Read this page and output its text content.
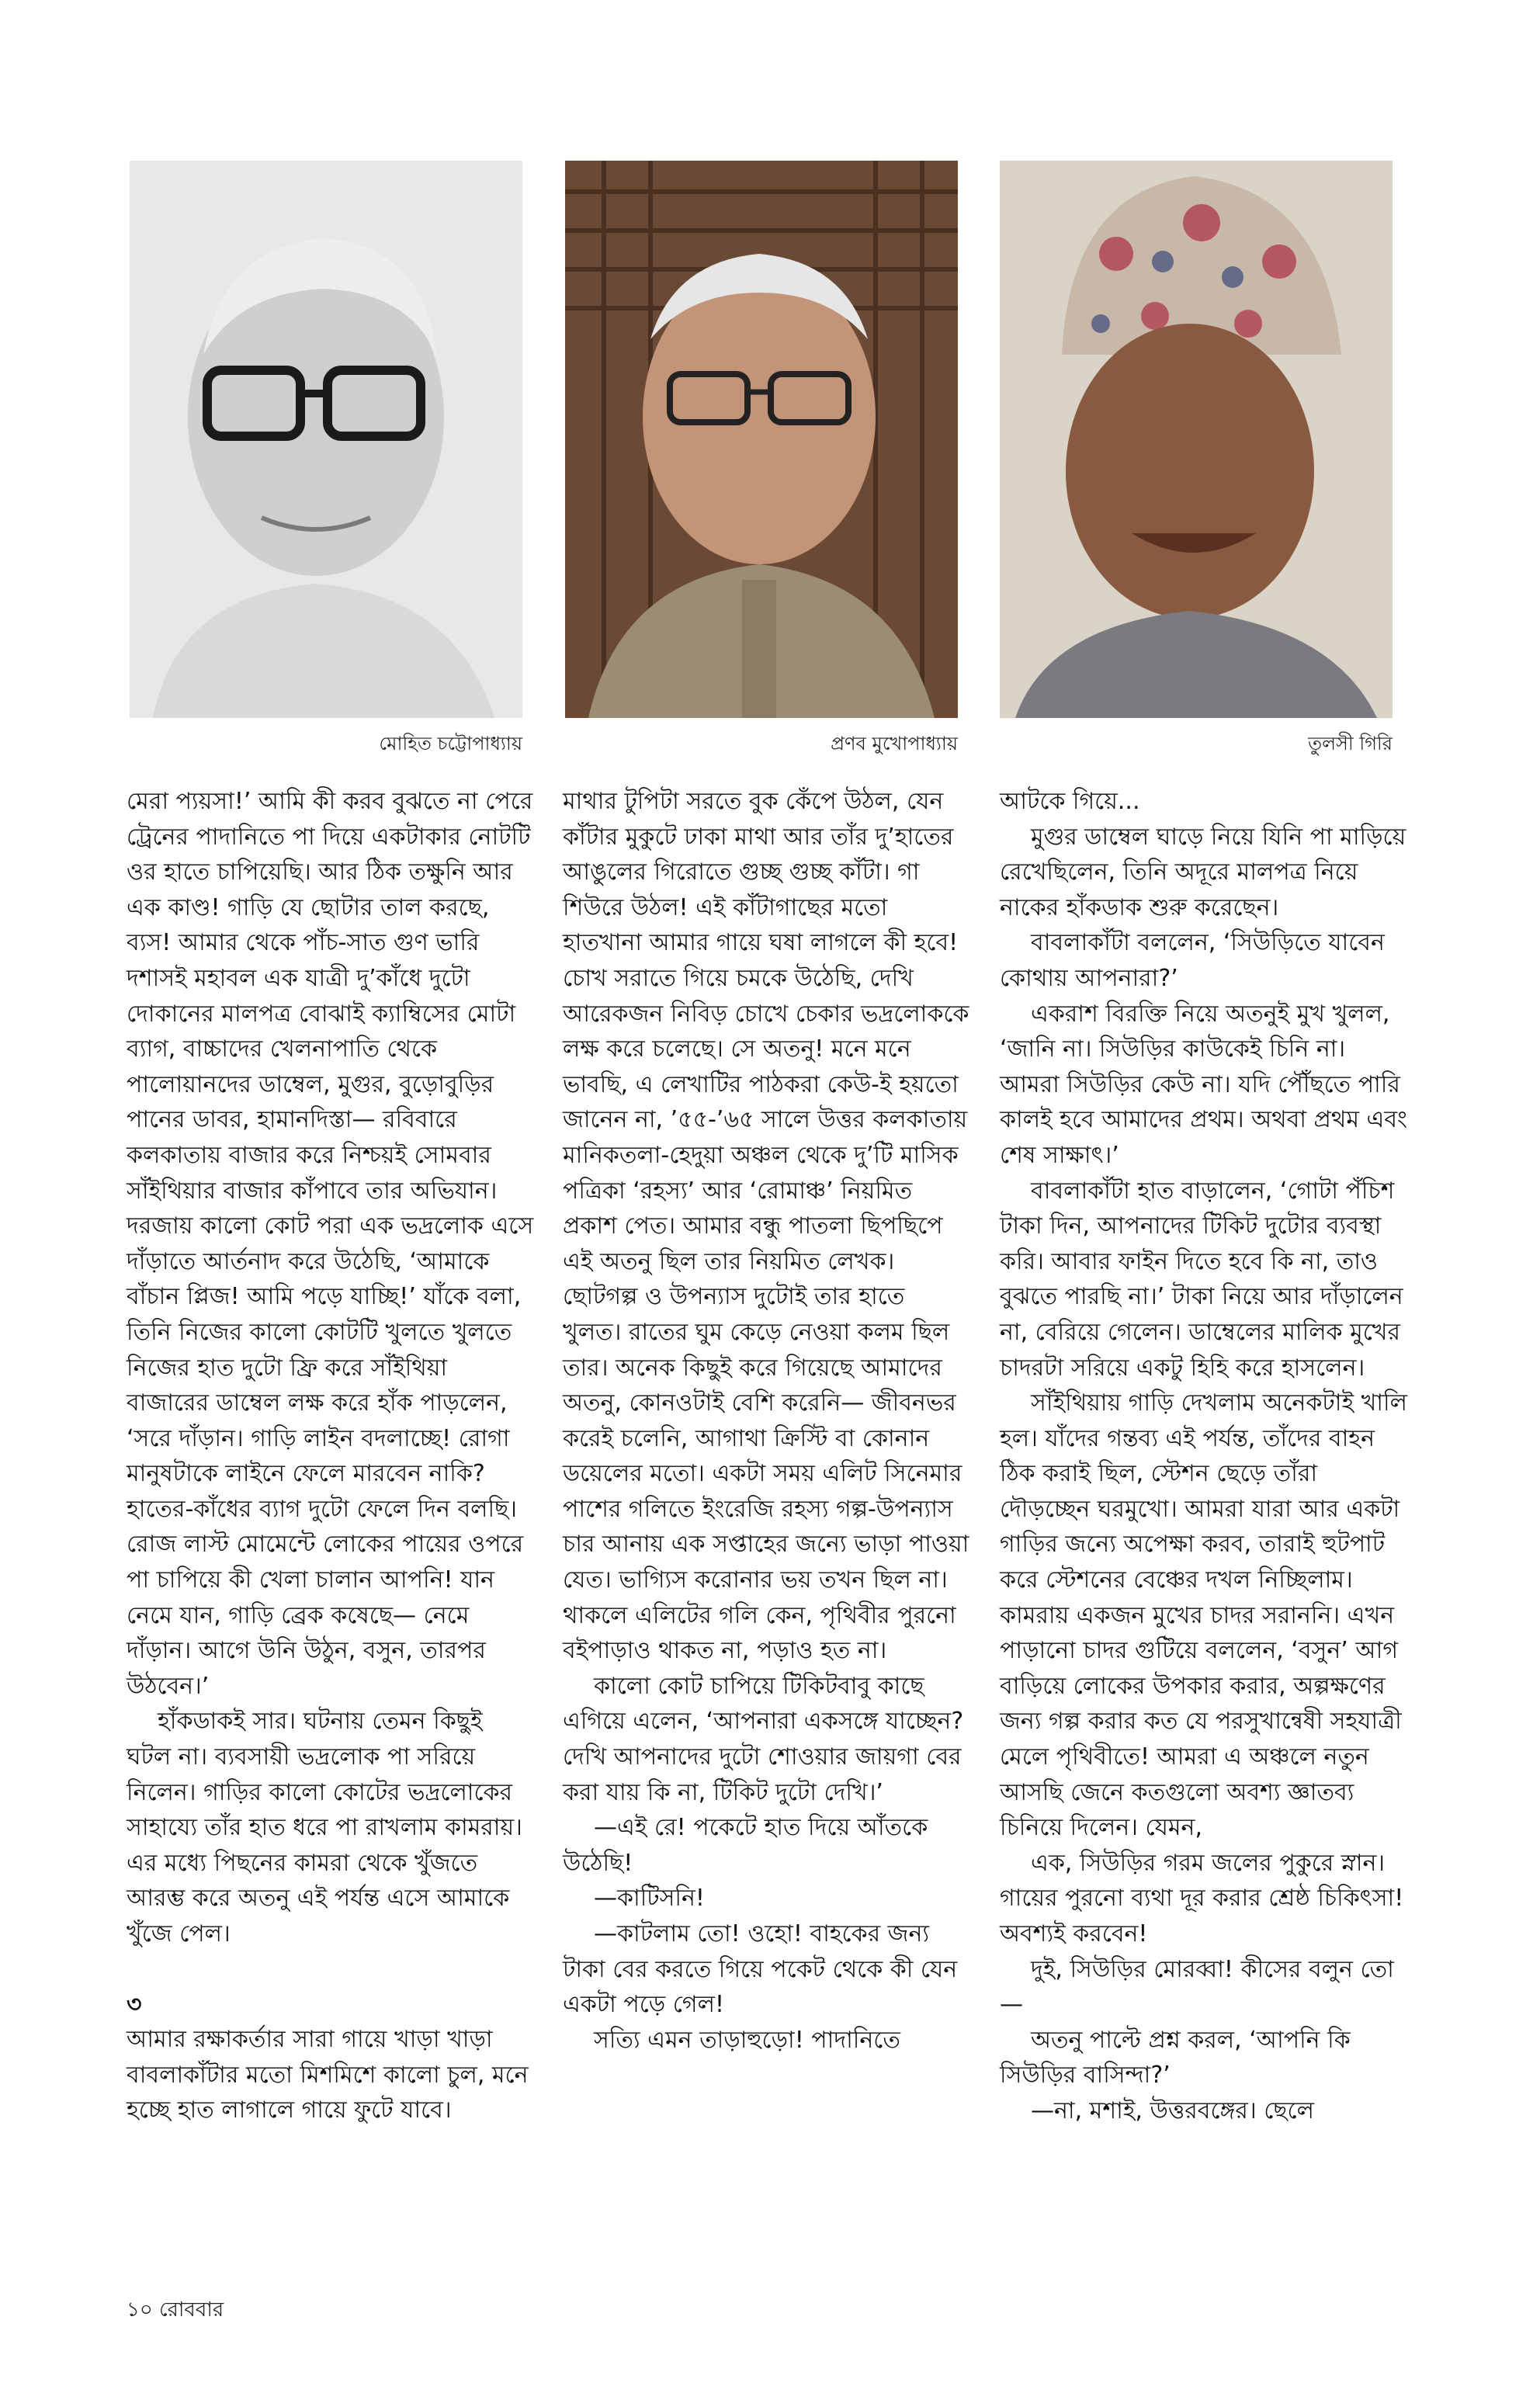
মোহিত চট্টোপাধ্যায়	প্রণব মুখোপাধ্যায়	তুলসী গিরি

মেরা প্যয়সা!’ আমি কী করব বুঝতে না পেরে ট্রেনের পাদানিতে পা দিয়ে একটাকার নোটটি ওর হাতে চাপিয়েছি। আর ঠিক তক্ষুনি আর এক কাণ্ড! গাড়ি যে ছোটার তাল করছে, ব্যস! আমার থেকে পাঁচ-সাত গুণ ভারি দশাসই মহাবল এক যাত্রী দু’কাঁধে দুটো দোকানের মালপত্র বোঝাই ক্যাম্বিসের মোটা ব্যাগ, বাচ্চাদের খেলনাপাতি থেকে পালোয়ানদের ডাম্বেল, মুগুর, বুড়োবুড়ির পানের ডাবর, হামানদিস্তা— রবিবারে কলকাতায় বাজার করে নিশ্চয়ই সোমবার সাঁইথিয়ার বাজার কাঁপাবে তার অভিযান। দরজায় কালো কোট পরা এক ভদ্রলোক এসে দাঁড়াতে আর্তনাদ করে উঠেছি, ‘আমাকে বাঁচান প্লিজ! আমি পড়ে যাচ্ছি!’ যাঁকে বলা, তিনি নিজের কালো কোটটি খুলতে খুলতে নিজের হাত দুটো ফ্রি করে সাঁইথিয়া বাজারের ডাম্বেল লক্ষ করে হাঁক পাড়লেন, ‘সরে দাঁড়ান। গাড়ি লাইন বদলাচ্ছে! রোগা মানুষটাকে লাইনে ফেলে মারবেন নাকি? হাতের-কাঁধের ব্যাগ দুটো ফেলে দিন বলছি। রোজ লাস্ট মোমেন্টে লোকের পায়ের ওপরে পা চাপিয়ে কী খেলা চালান আপনি! যান নেমে যান, গাড়ি ব্রেক কষেছে— নেমে দাঁড়ান। আগে উনি উঠুন, বসুন, তারপর উঠবেন।’

হাঁকডাকই সার। ঘটনায় তেমন কিছুই ঘটল না। ব্যবসায়ী ভদ্রলোক পা সরিয়ে নিলেন। গাড়ির কালো কোটের ভদ্রলোকের সাহায্যে তাঁর হাত ধরে পা রাখলাম কামরায়। এর মধ্যে পিছনের কামরা থেকে খুঁজতে আরম্ভ করে অতনু এই পর্যন্ত এসে আমাকে খুঁজে পেল।

৩

আমার রক্ষাকর্তার সারা গায়ে খাড়া খাড়া বাবলাকাঁটার মতো মিশমিশে কালো চুল, মনে হচ্ছে হাত লাগালে গায়ে ফুটে যাবে।

মাথার টুপিটা সরতে বুক কেঁপে উঠল, যেন কাঁটার মুকুটে ঢাকা মাথা আর তাঁর দু’হাতের আঙুলের গিরোতে গুচ্ছ গুচ্ছ কাঁটা। গা শিউরে উঠল! এই কাঁটাগাছের মতো হাতখানা আমার গায়ে ঘষা লাগলে কী হবে! চোখ সরাতে গিয়ে চমকে উঠেছি, দেখি আরেকজন নিবিড় চোখে চেকার ভদ্রলোককে লক্ষ করে চলেছে। সে অতনু! মনে মনে ভাবছি, এ লেখাটির পাঠকরা কেউ-ই হয়তো জানেন না, ’৫৫-’৬৫ সালে উত্তর কলকাতায় মানিকতলা-হেদুয়া অঞ্চল থেকে দু’টি মাসিক পত্রিকা ‘রহস্য’ আর ‘রোমাঞ্চ’ নিয়মিত প্রকাশ পেত। আমার বন্ধু পাতলা ছিপছিপে এই অতনু ছিল তার নিয়মিত লেখক। ছোটগল্প ও উপন্যাস দুটোই তার হাতে খুলত। রাতের ঘুম কেড়ে নেওয়া কলম ছিল তার। অনেক কিছুই করে গিয়েছে আমাদের অতনু, কোনওটাই বেশি করেনি— জীবনভর করেই চলেনি, আগাথা ক্রিস্টি বা কোনান ডয়েলের মতো। একটা সময় এলিট সিনেমার পাশের গলিতে ইংরেজি রহস্য গল্প-উপন্যাস চার আনায় এক সপ্তাহের জন্যে ভাড়া পাওয়া যেত। ভাগ্যিস করোনার ভয় তখন ছিল না। থাকলে এলিটের গলি কেন, পৃথিবীর পুরনো বইপাড়াও থাকত না, পড়াও হত না।

কালো কোট চাপিয়ে টিকিটবাবু কাছে এগিয়ে এলেন, ‘আপনারা একসঙ্গে যাচ্ছেন? দেখি আপনাদের দুটো শোওয়ার জায়গা বের করা যায় কি না, টিকিট দুটো দেখি।’

—এই রে! পকেটে হাত দিয়ে আঁতকে উঠেছি!

—কাটিসনি!

—কাটলাম তো! ওহো! বাহকের জন্য টাকা বের করতে গিয়ে পকেট থেকে কী যেন একটা পড়ে গেল!

সত্যি এমন তাড়াহুড়ো! পাদানিতে

আটকে গিয়ে...

মুগুর ডাম্বেল ঘাড়ে নিয়ে যিনি পা মাড়িয়ে রেখেছিলেন, তিনি অদূরে মালপত্র নিয়ে নাকের হাঁকডাক শুরু করেছেন।

বাবলাকাঁটা বললেন, ‘সিউড়িতে যাবেন কোথায় আপনারা?’

একরাশ বিরক্তি নিয়ে অতনুই মুখ খুলল, ‘জানি না। সিউড়ির কাউকেই চিনি না। আমরা সিউড়ির কেউ না। যদি পৌঁছতে পারি কালই হবে আমাদের প্রথম। অথবা প্রথম এবং শেষ সাক্ষাৎ।’

বাবলাকাঁটা হাত বাড়ালেন, ‘গোটা পঁচিশ টাকা দিন, আপনাদের টিকিট দুটোর ব্যবস্থা করি। আবার ফাইন দিতে হবে কি না, তাও বুঝতে পারছি না।’ টাকা নিয়ে আর দাঁড়ালেন না, বেরিয়ে গেলেন। ডাম্বেলের মালিক মুখের চাদরটা সরিয়ে একটু হিহি করে হাসলেন।

সাঁইথিয়ায় গাড়ি দেখলাম অনেকটাই খালি হল। যাঁদের গন্তব্য এই পর্যন্ত, তাঁদের বাহন ঠিক করাই ছিল, স্টেশন ছেড়ে তাঁরা দৌড়চ্ছেন ঘরমুখো। আমরা যারা আর একটা গাড়ির জন্যে অপেক্ষা করব, তারাই হুটপাট করে স্টেশনের বেঞ্চের দখল নিচ্ছিলাম। কামরায় একজন মুখের চাদর সরাননি। এখন পাড়ানো চাদর গুটিয়ে বললেন, ‘বসুন’ আগ বাড়িয়ে লোকের উপকার করার, অল্পক্ষণের জন্য গল্প করার কত যে পরসুখান্বেষী সহযাত্রী মেলে পৃথিবীতে! আমরা এ অঞ্চলে নতুন আসছি জেনে কতগুলো অবশ্য জ্ঞাতব্য চিনিয়ে দিলেন। যেমন,

এক, সিউড়ির গরম জলের পুকুরে স্নান। গায়ের পুরনো ব্যথা দূর করার শ্রেষ্ঠ চিকিৎসা! অবশ্যই করবেন!

দুই, সিউড়ির মোরব্বা! কীসের বলুন তো—

অতনু পাল্টে প্রশ্ন করল, ‘আপনি কি সিউড়ির বাসিন্দা?’

—না, মশাই, উত্তরবঙ্গের। ছেলে

১০ রোববার
